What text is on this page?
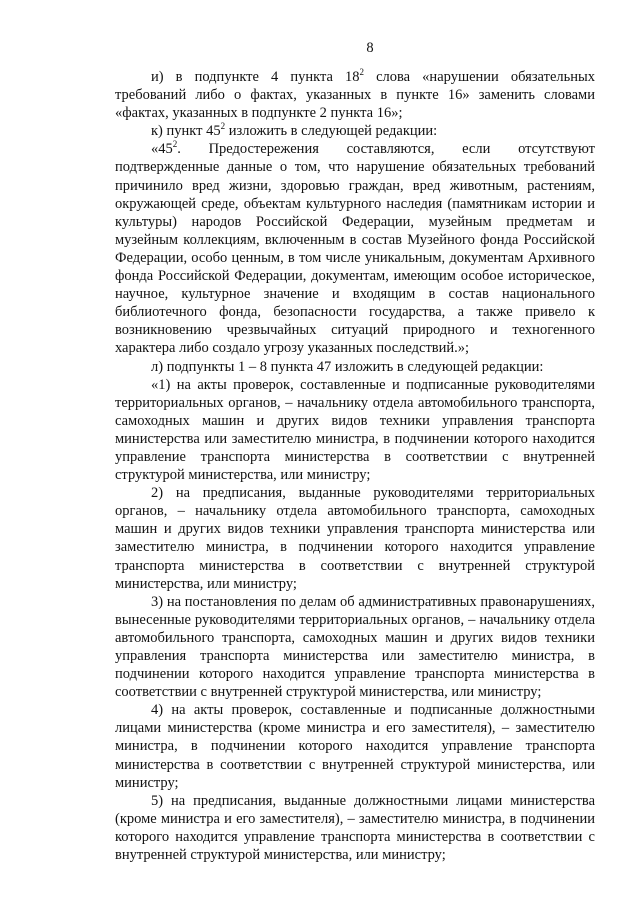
8

и) в подпункте 4 пункта $18^2$ слова «нарушении обязательных требований либо о фактах, указанных в пункте 16» заменить словами «фактах, указанных в подпункте 2 пункта 16»;

к) пункт $45^2$ изложить в следующей редакции:

«$45^2$. Предостережения составляются, если отсутствуют подтвержденные данные о том, что нарушение обязательных требований причинило вред жизни, здоровью граждан, вред животным, растениям, окружающей среде, объектам культурного наследия (памятникам истории и культуры) народов Российской Федерации, музейным предметам и музейным коллекциям, включенным в состав Музейного фонда Российской Федерации, особо ценным, в том числе уникальным, документам Архивного фонда Российской Федерации, документам, имеющим особое историческое, научное, культурное значение и входящим в состав национального библиотечного фонда, безопасности государства, а также привело к возникновению чрезвычайных ситуаций природного и техногенного характера либо создало угрозу указанных последствий.»;

л) подпункты 1 – 8 пункта 47 изложить в следующей редакции:

«1) на акты проверок, составленные и подписанные руководителями территориальных органов, – начальнику отдела автомобильного транспорта, самоходных машин и других видов техники управления транспорта министерства или заместителю министра, в подчинении которого находится управление транспорта министерства в соответствии с внутренней структурой министерства, или министру;

2) на предписания, выданные руководителями территориальных органов, – начальнику отдела автомобильного транспорта, самоходных машин и других видов техники управления транспорта министерства или заместителю министра, в подчинении которого находится управление транспорта министерства в соответствии с внутренней структурой министерства, или министру;

3) на постановления по делам об административных правонарушениях, вынесенные руководителями территориальных органов, – начальнику отдела автомобильного транспорта, самоходных машин и других видов техники управления транспорта министерства или заместителю министра, в подчинении которого находится управление транспорта министерства в соответствии с внутренней структурой министерства, или министру;

4) на акты проверок, составленные и подписанные должностными лицами министерства (кроме министра и его заместителя), – заместителю министра, в подчинении которого находится управление транспорта министерства в соответствии с внутренней структурой министерства, или министру;

5) на предписания, выданные должностными лицами министерства (кроме министра и его заместителя), – заместителю министра, в подчинении которого находится управление транспорта министерства в соответствии с внутренней структурой министерства, или министру;
